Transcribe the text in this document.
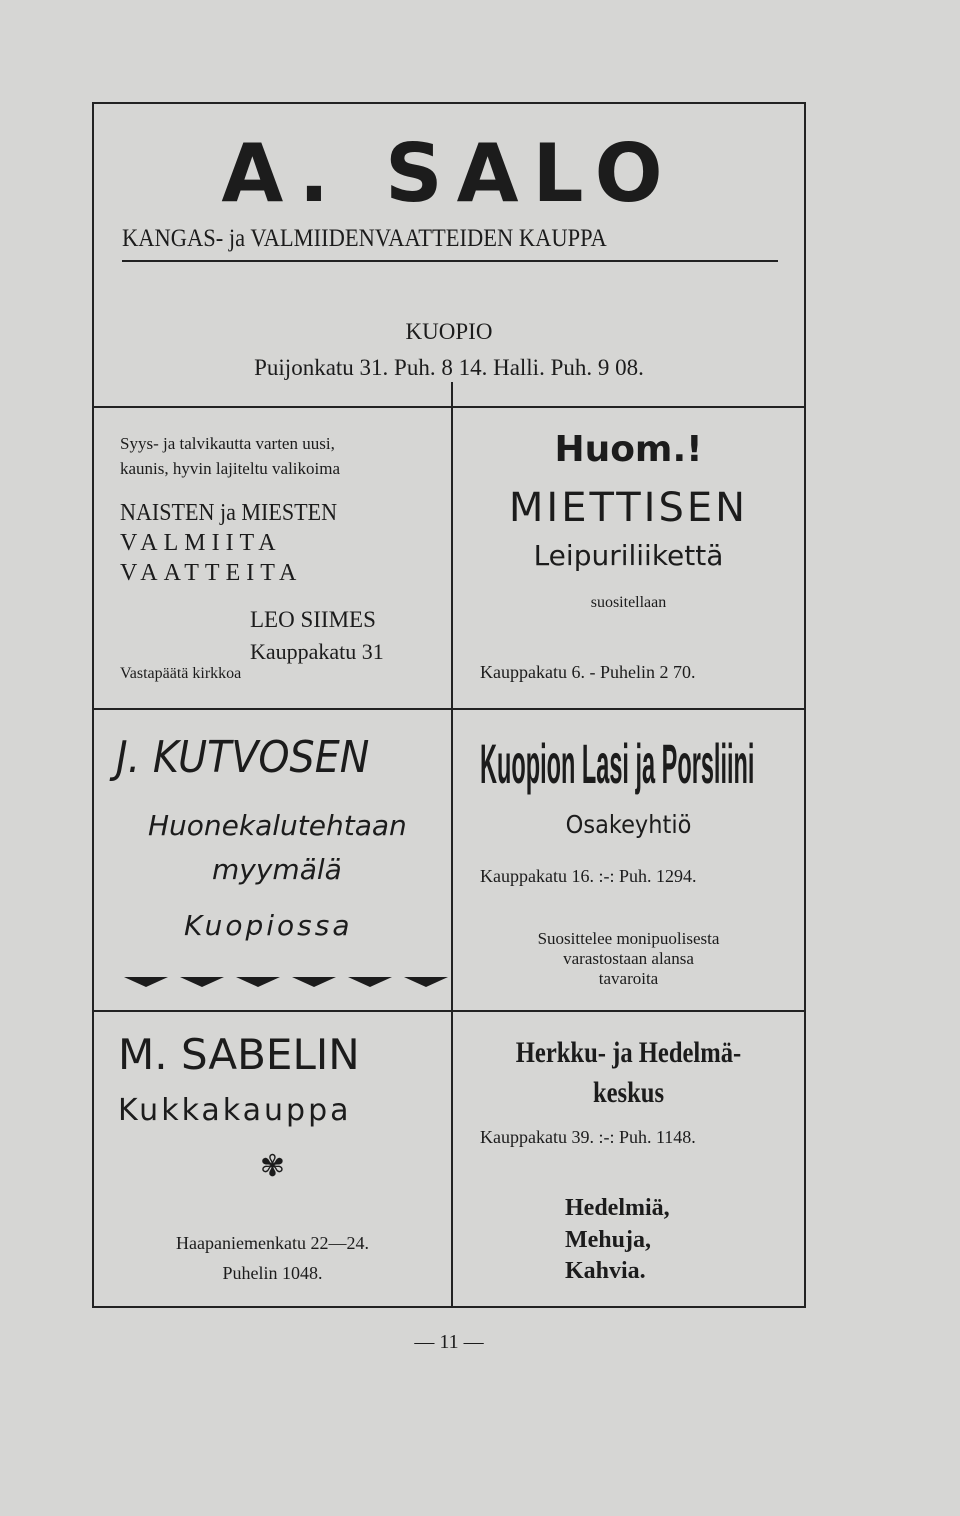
A. SALO
KANGAS- ja VALMIIDENVAATTEIDEN KAUPPA
KUOPIO
Puijonkatu 31. Puh. 8 14. Halli. Puh. 9 08.
Syys- ja talvikautta varten uusi,
kaunis, hyvin lajiteltu valikoima
NAISTEN ja MIESTEN
VALMIITA
VAATTEITA
LEO SIIMES
Kauppakatu 31
Vastapäätä kirkkoa
Huom.!
MIETTISEN
Leipuriliikettä
suositellaan
Kauppakatu 6. - Puhelin 2 70.
J. KUTVOSEN
Huonekalutehtaan
myymälä
Kuopiossa
Kuopion Lasi ja Porsliini
Osakeyhtiö
Kauppakatu 16. :-: Puh. 1294.
Suosittelee monipuolisesta
varastostaan alansa
tavaroita
M. SABELIN
Kukkakauppa
✾
Haapaniemenkatu 22—24.
Puhelin 1048.
Herkku- ja Hedelmä-
keskus
Kauppakatu 39. :-: Puh. 1148.
Hedelmiä,
Mehuja,
Kahvia.
— 11 —
